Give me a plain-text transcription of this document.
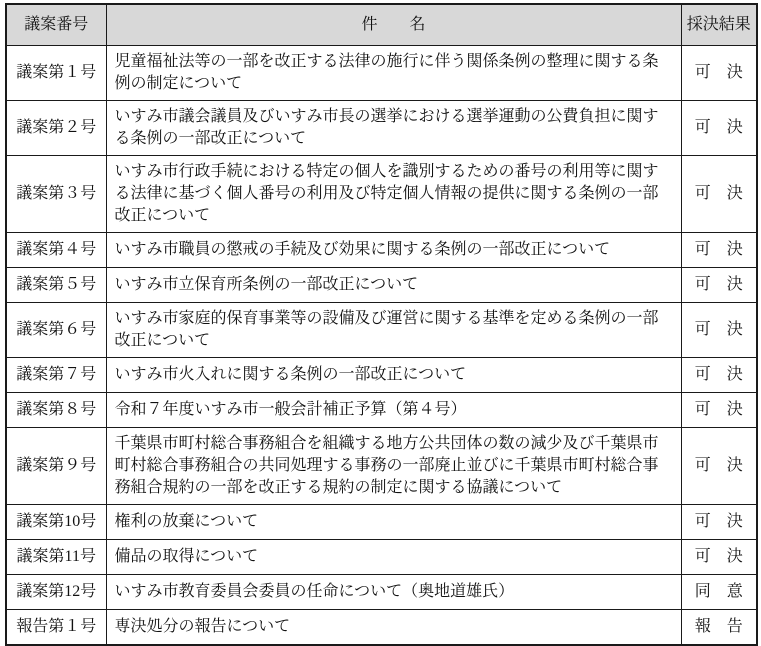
議案番号	件　　名	採決結果
議案第１号	児童福祉法等の一部を改正する法律の施行に伴う関係条例の整理に関する条例の制定について	可　決
議案第２号	いすみ市議会議員及びいすみ市長の選挙における選挙運動の公費負担に関する条例の一部改正について	可　決
議案第３号	いすみ市行政手続における特定の個人を識別するための番号の利用等に関する法律に基づく個人番号の利用及び特定個人情報の提供に関する条例の一部改正について	可　決
議案第４号	いすみ市職員の懲戒の手続及び効果に関する条例の一部改正について	可　決
議案第５号	いすみ市立保育所条例の一部改正について	可　決
議案第６号	いすみ市家庭的保育事業等の設備及び運営に関する基準を定める条例の一部改正について	可　決
議案第７号	いすみ市火入れに関する条例の一部改正について	可　決
議案第８号	令和７年度いすみ市一般会計補正予算（第４号）	可　決
議案第９号	千葉県市町村総合事務組合を組織する地方公共団体の数の減少及び千葉県市町村総合事務組合の共同処理する事務の一部廃止並びに千葉県市町村総合事務組合規約の一部を改正する規約の制定に関する協議について	可　決
議案第10号	権利の放棄について	可　決
議案第11号	備品の取得について	可　決
議案第12号	いすみ市教育委員会委員の任命について（奥地道雄氏）	同　意
報告第１号	専決処分の報告について	報　告
